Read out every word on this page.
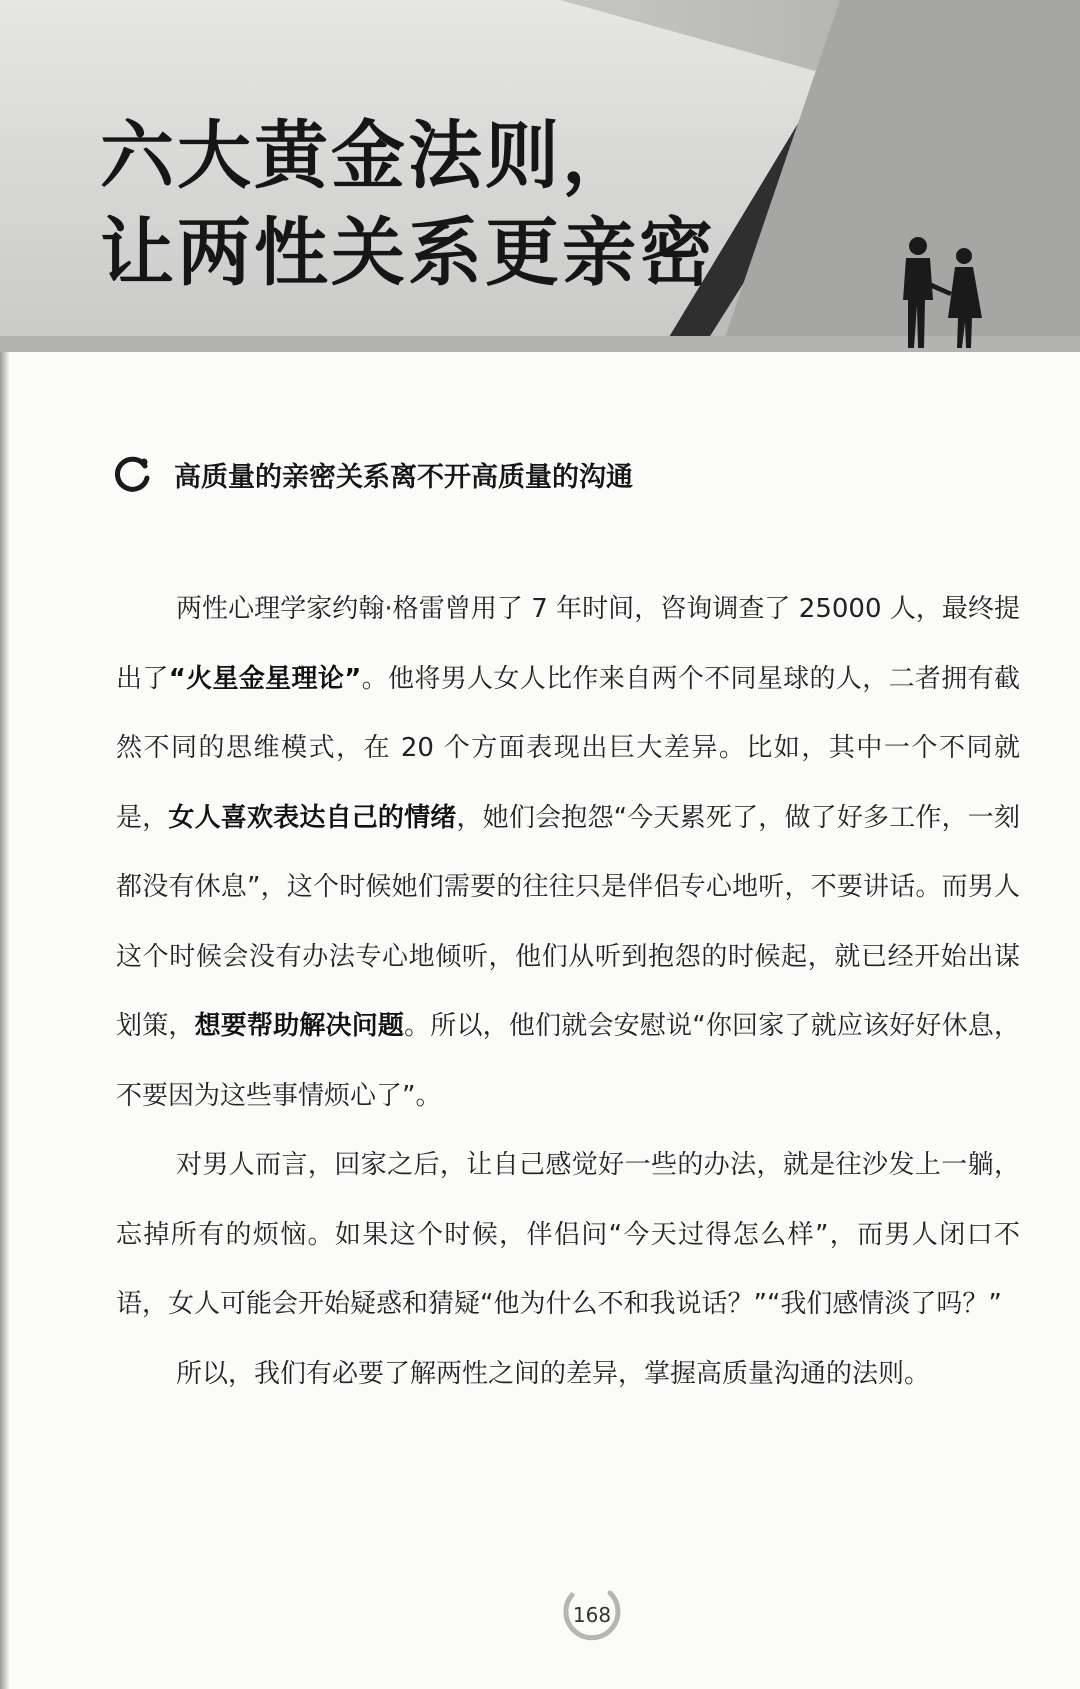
六大黄金法则，
让两性关系更亲密
高质量的亲密关系离不开高质量的沟通

两性心理学家约翰·格雷曾用了 7 年时间，咨询调查了 25000 人，最终提出了“火星金星理论”。他将男人女人比作来自两个不同星球的人，二者拥有截然不同的思维模式，在 20 个方面表现出巨大差异。比如，其中一个不同就是，女人喜欢表达自己的情绪，她们会抱怨“今天累死了，做了好多工作，一刻都没有休息”，这个时候她们需要的往往只是伴侣专心地听，不要讲话。而男人这个时候会没有办法专心地倾听，他们从听到抱怨的时候起，就已经开始出谋划策，想要帮助解决问题。所以，他们就会安慰说“你回家了就应该好好休息，不要因为这些事情烦心了”。

对男人而言，回家之后，让自己感觉好一些的办法，就是往沙发上一躺，忘掉所有的烦恼。如果这个时候，伴侣问“今天过得怎么样”，而男人闭口不语，女人可能会开始疑惑和猜疑“他为什么不和我说话？”“我们感情淡了吗？”

所以，我们有必要了解两性之间的差异，掌握高质量沟通的法则。

168
